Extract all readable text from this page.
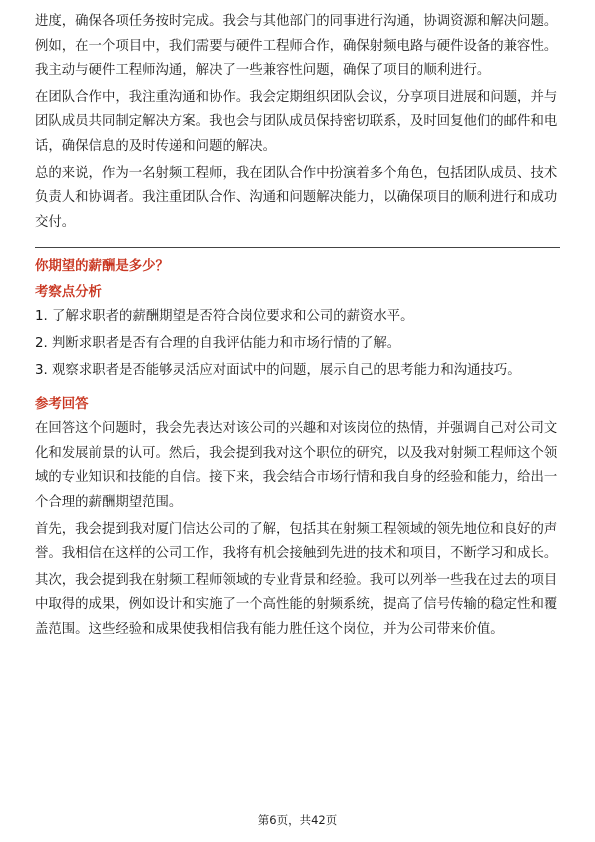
进度，确保各项任务按时完成。我会与其他部门的同事进行沟通，协调资源和解决问题。例如，在一个项目中，我们需要与硬件工程师合作，确保射频电路与硬件设备的兼容性。我主动与硬件工程师沟通，解决了一些兼容性问题，确保了项目的顺利进行。

在团队合作中，我注重沟通和协作。我会定期组织团队会议，分享项目进展和问题，并与团队成员共同制定解决方案。我也会与团队成员保持密切联系，及时回复他们的邮件和电话，确保信息的及时传递和问题的解决。

总的来说，作为一名射频工程师，我在团队合作中扮演着多个角色，包括团队成员、技术负责人和协调者。我注重团队合作、沟通和问题解决能力，以确保项目的顺利进行和成功交付。

你期望的薪酬是多少？
考察点分析

1. 了解求职者的薪酬期望是否符合岗位要求和公司的薪资水平。

2. 判断求职者是否有合理的自我评估能力和市场行情的了解。

3. 观察求职者是否能够灵活应对面试中的问题，展示自己的思考能力和沟通技巧。

参考回答

在回答这个问题时，我会先表达对该公司的兴趣和对该岗位的热情，并强调自己对公司文化和发展前景的认可。然后，我会提到我对这个职位的研究，以及我对射频工程师这个领域的专业知识和技能的自信。接下来，我会结合市场行情和我自身的经验和能力，给出一个合理的薪酬期望范围。

首先，我会提到我对厦门信达公司的了解，包括其在射频工程领域的领先地位和良好的声誉。我相信在这样的公司工作，我将有机会接触到先进的技术和项目，不断学习和成长。

其次，我会提到我在射频工程师领域的专业背景和经验。我可以列举一些我在过去的项目中取得的成果，例如设计和实施了一个高性能的射频系统，提高了信号传输的稳定性和覆盖范围。这些经验和成果使我相信我有能力胜任这个岗位，并为公司带来价值。

第6页，共42页
